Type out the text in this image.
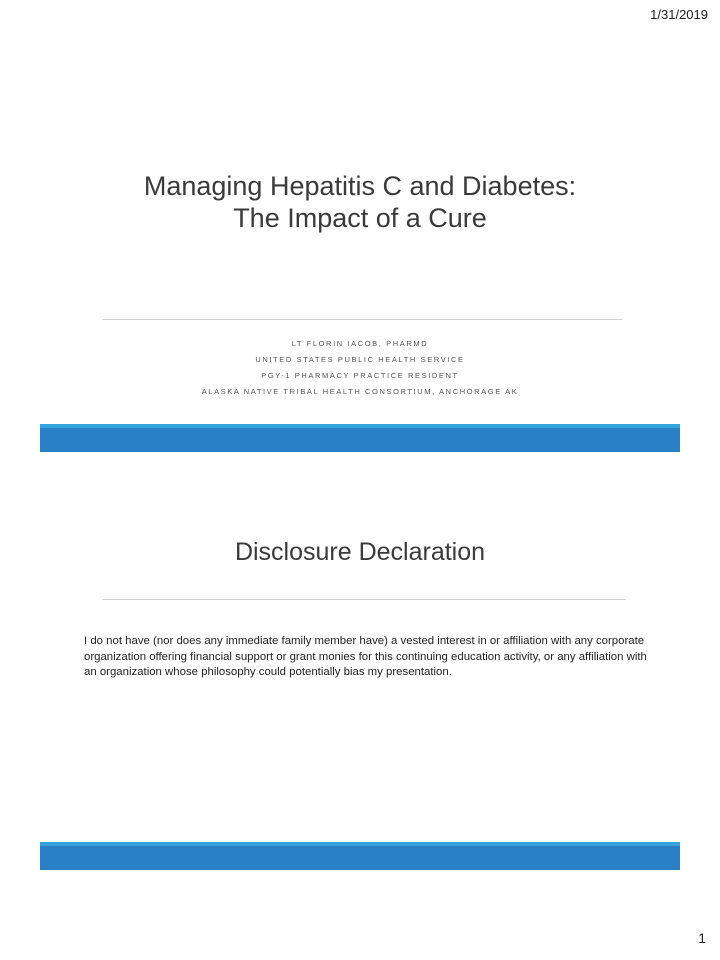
1/31/2019
Managing Hepatitis C and Diabetes:
The Impact of a Cure
LT FLORIN IACOB, PHARMD
UNITED STATES PUBLIC HEALTH SERVICE
PGY-1 PHARMACY PRACTICE RESIDENT
ALASKA NATIVE TRIBAL HEALTH CONSORTIUM, ANCHORAGE AK
Disclosure Declaration

I do not have (nor does any immediate family member have) a vested interest in or affiliation with any corporate organization offering financial support or grant monies for this continuing education activity, or any affiliation with an organization whose philosophy could potentially bias my presentation.

1
